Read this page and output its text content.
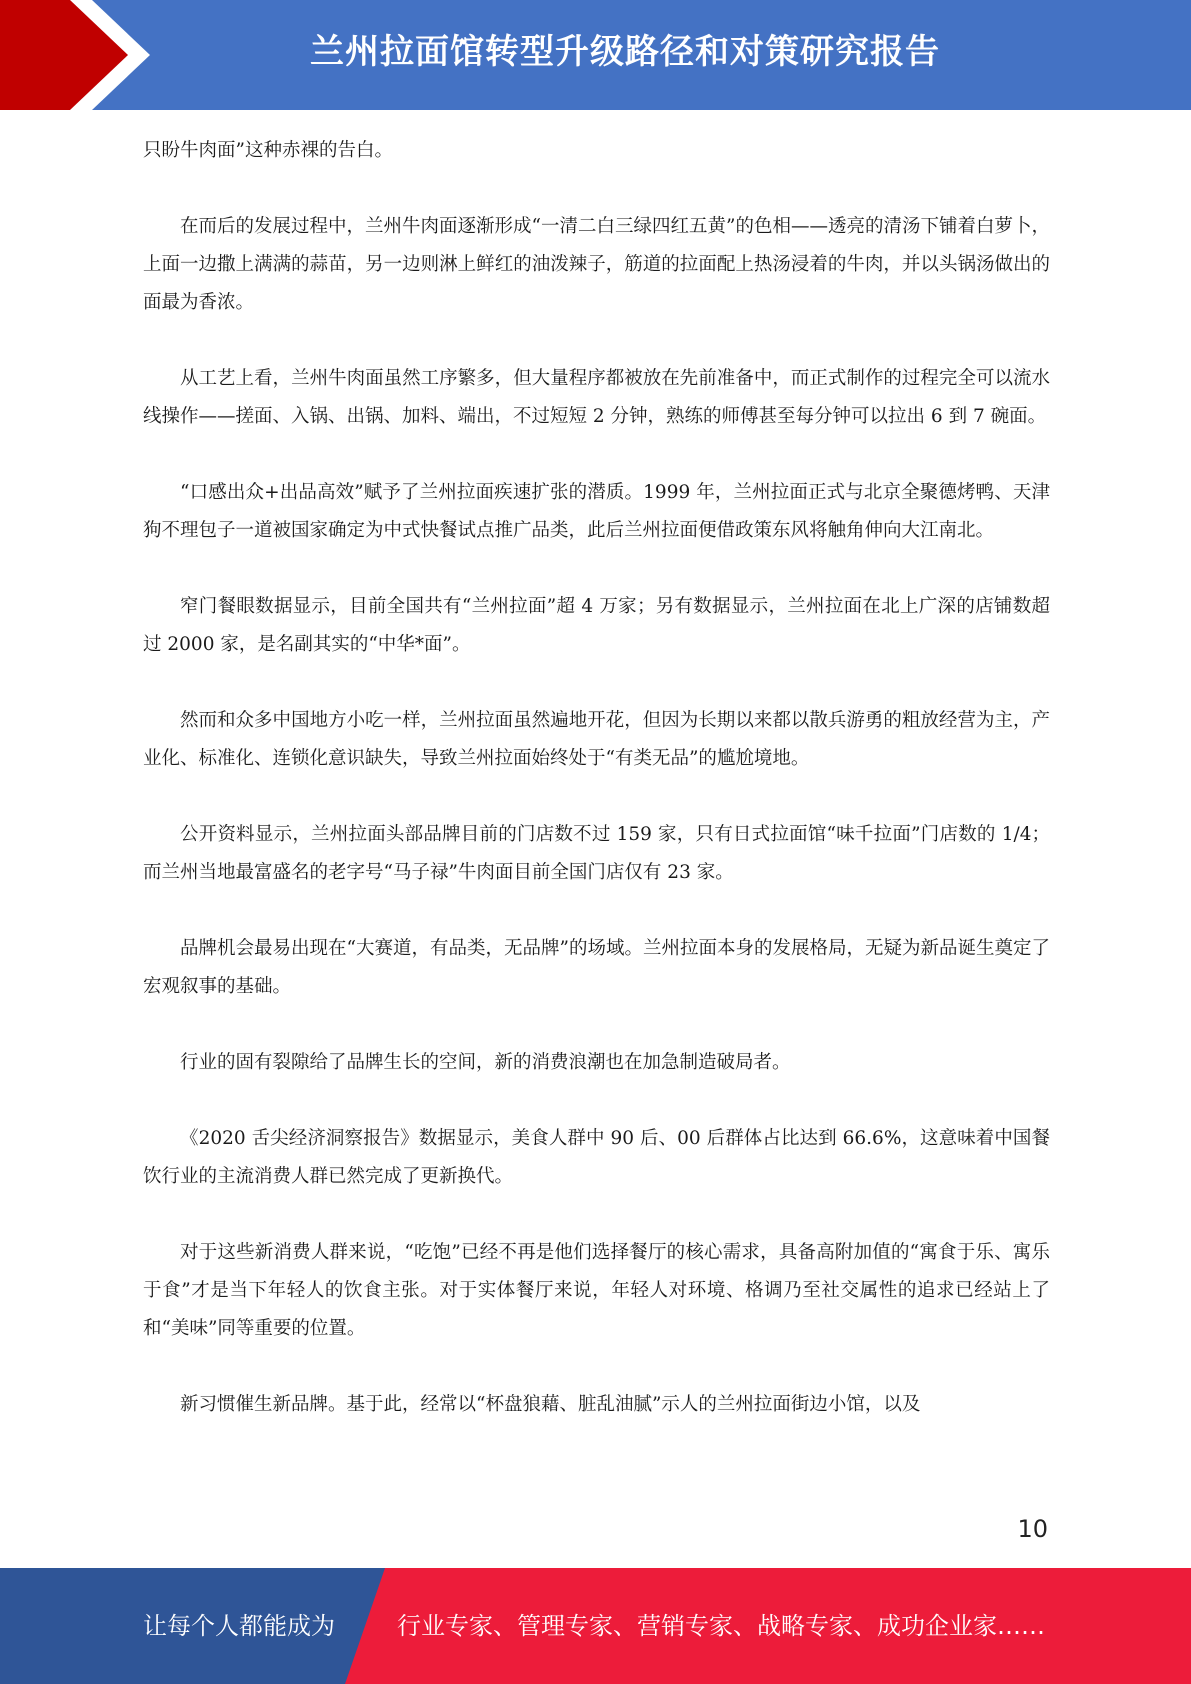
兰州拉面馆转型升级路径和对策研究报告

只盼牛肉面”这种赤裸的告白。

在而后的发展过程中，兰州牛肉面逐渐形成“一清二白三绿四红五黄”的色相——透亮的清汤下铺着白萝卜，上面一边撒上满满的蒜苗，另一边则淋上鲜红的油泼辣子，筋道的拉面配上热汤浸着的牛肉，并以头锅汤做出的面最为香浓。

从工艺上看，兰州牛肉面虽然工序繁多，但大量程序都被放在先前准备中，而正式制作的过程完全可以流水线操作——搓面、入锅、出锅、加料、端出，不过短短 2 分钟，熟练的师傅甚至每分钟可以拉出 6 到 7 碗面。

“口感出众+出品高效”赋予了兰州拉面疾速扩张的潜质。1999 年，兰州拉面正式与北京全聚德烤鸭、天津狗不理包子一道被国家确定为中式快餐试点推广品类，此后兰州拉面便借政策东风将触角伸向大江南北。

窄门餐眼数据显示，目前全国共有“兰州拉面”超 4 万家；另有数据显示，兰州拉面在北上广深的店铺数超过 2000 家，是名副其实的“中华*面”。

然而和众多中国地方小吃一样，兰州拉面虽然遍地开花，但因为长期以来都以散兵游勇的粗放经营为主，产业化、标准化、连锁化意识缺失，导致兰州拉面始终处于“有类无品”的尴尬境地。

公开资料显示，兰州拉面头部品牌目前的门店数不过 159 家，只有日式拉面馆“味千拉面”门店数的 1/4；而兰州当地最富盛名的老字号“马子禄”牛肉面目前全国门店仅有 23 家。

品牌机会最易出现在“大赛道，有品类，无品牌”的场域。兰州拉面本身的发展格局，无疑为新品诞生奠定了宏观叙事的基础。

行业的固有裂隙给了品牌生长的空间，新的消费浪潮也在加急制造破局者。

《2020 舌尖经济洞察报告》数据显示，美食人群中 90 后、00 后群体占比达到 66.6%，这意味着中国餐饮行业的主流消费人群已然完成了更新换代。

对于这些新消费人群来说，“吃饱”已经不再是他们选择餐厅的核心需求，具备高附加值的“寓食于乐、寓乐于食”才是当下年轻人的饮食主张。对于实体餐厅来说，年轻人对环境、格调乃至社交属性的追求已经站上了和“美味”同等重要的位置。

新习惯催生新品牌。基于此，经常以“杯盘狼藉、脏乱油腻”示人的兰州拉面街边小馆，以及

10
让每个人都能成为	行业专家、管理专家、营销专家、战略专家、成功企业家……
